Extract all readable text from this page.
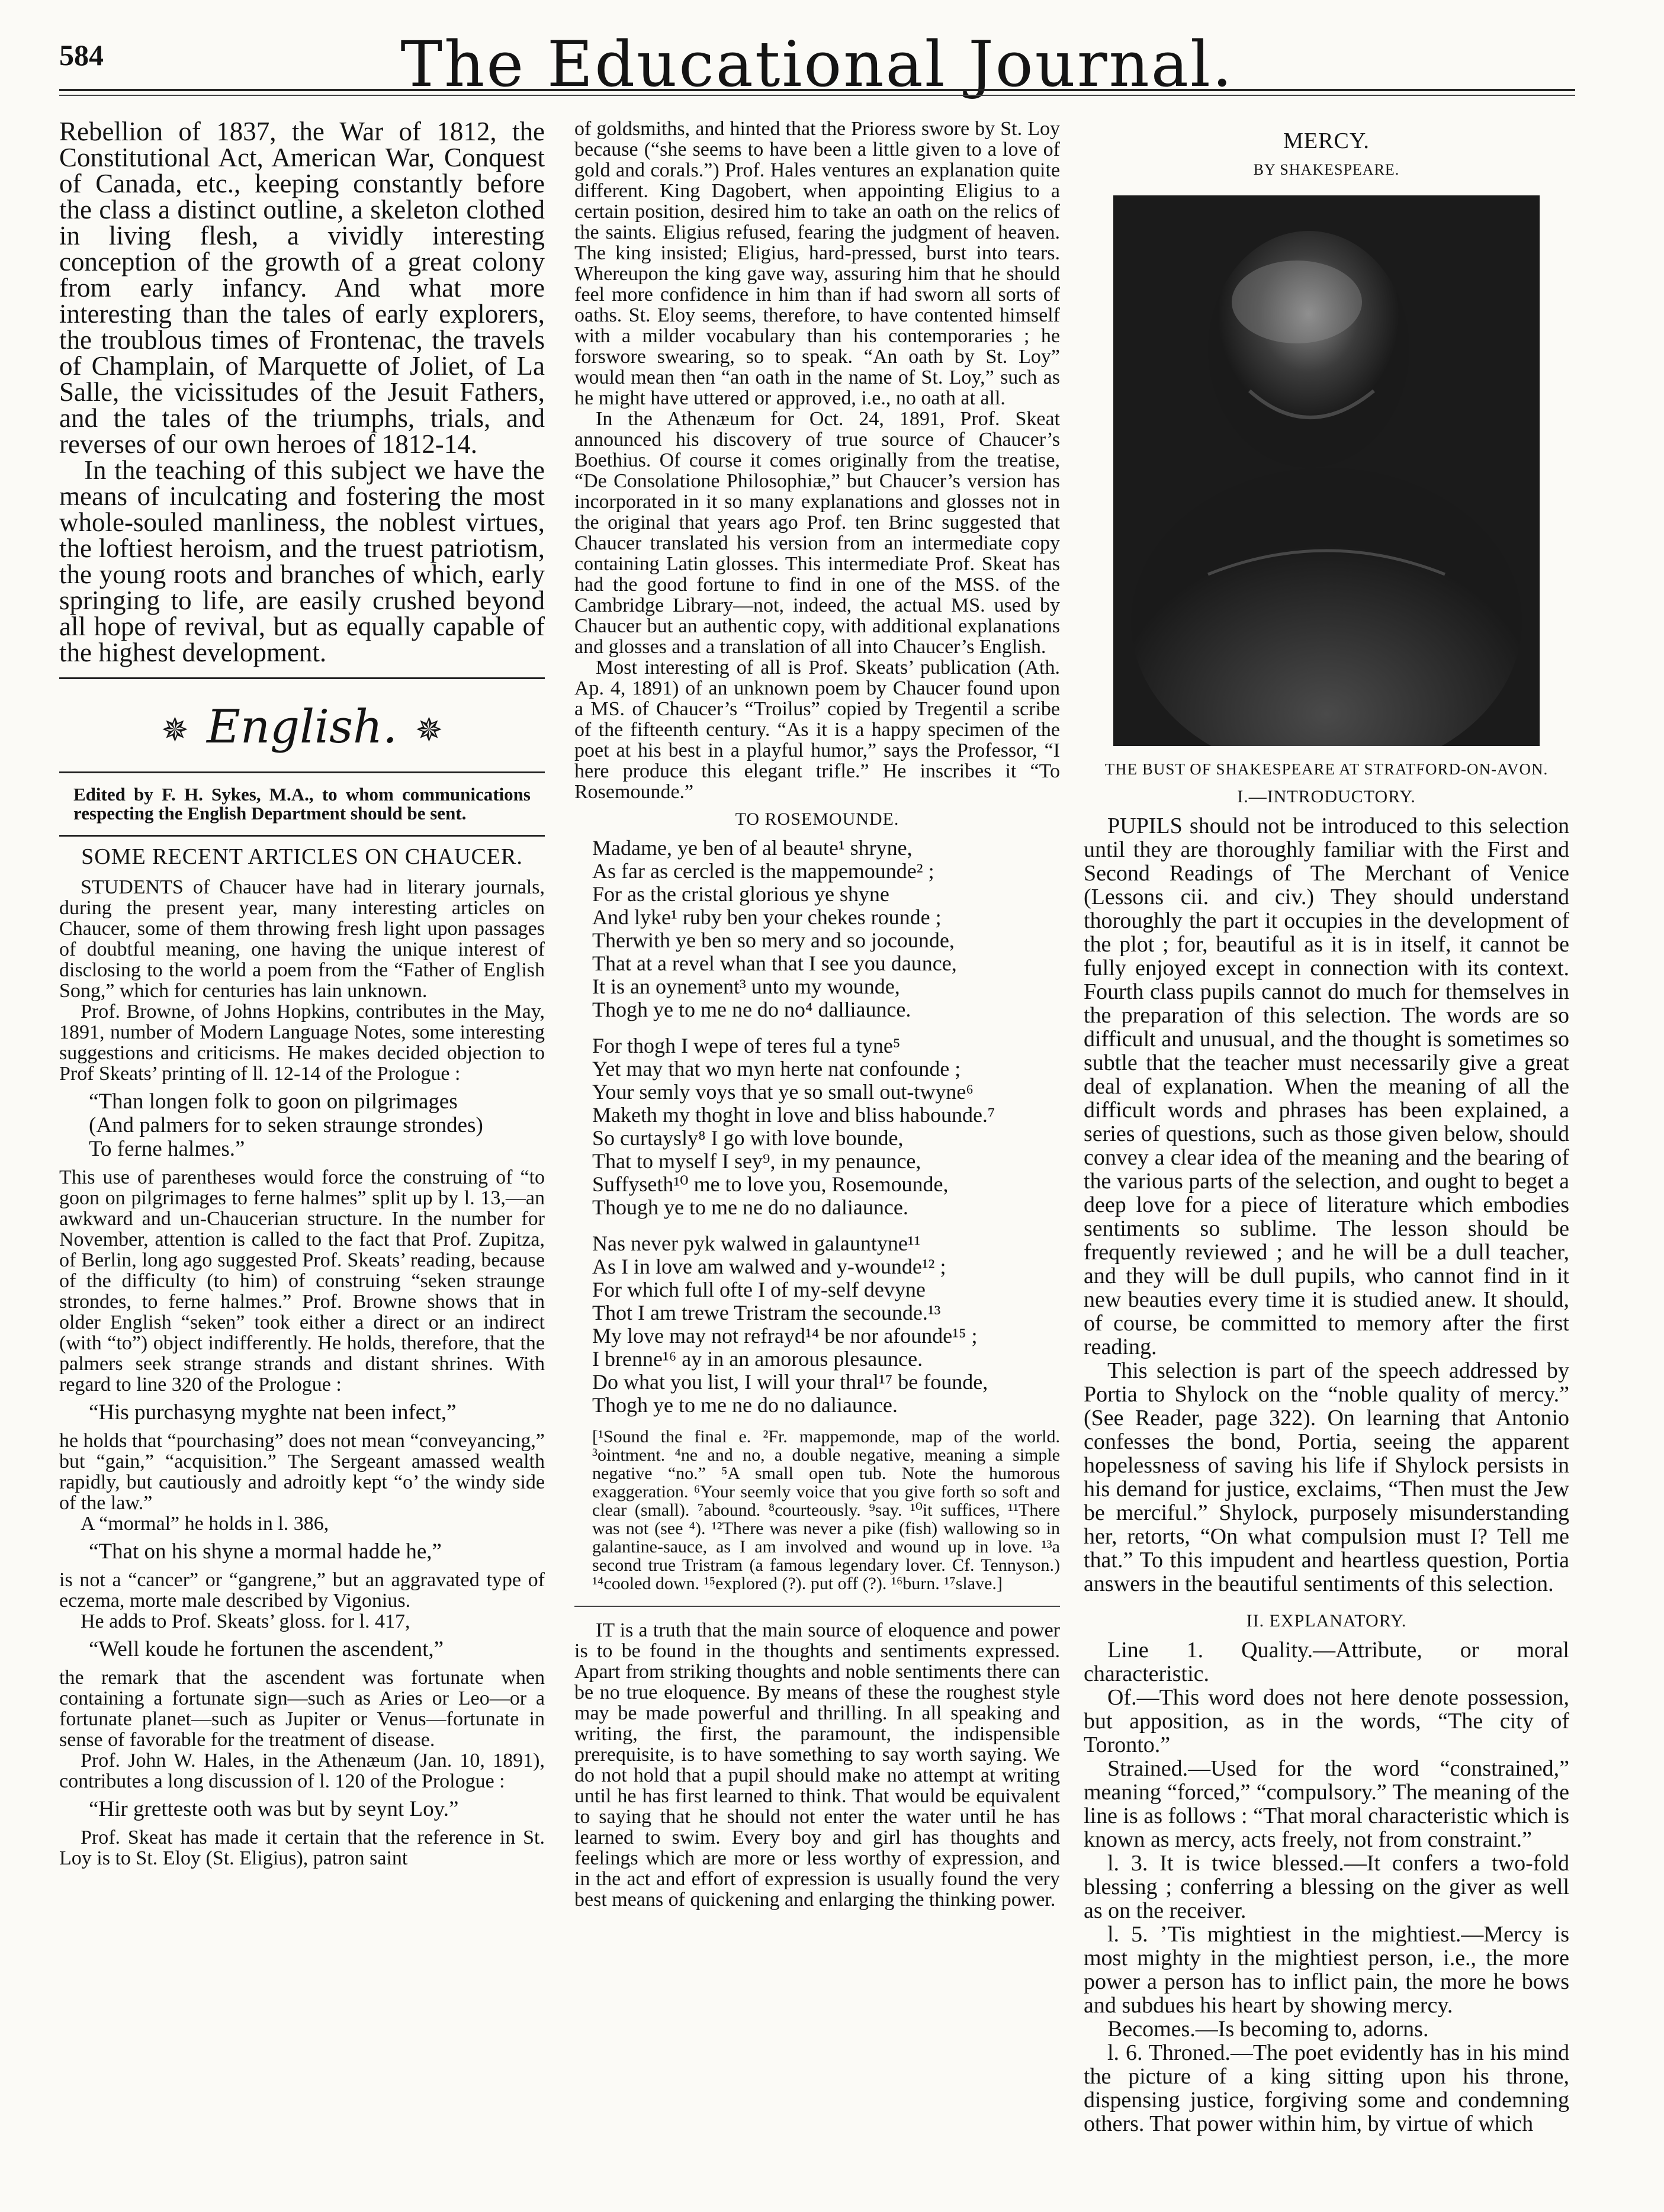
584	The Educational Journal.

Rebellion of 1837, the War of 1812, the Constitutional Act, American War, Conquest of Canada, etc., keeping constantly before the class a distinct outline, a skeleton clothed in living flesh, a vividly interesting conception of the growth of a great colony from early infancy. And what more interesting than the tales of early explorers, the troublous times of Frontenac, the travels of Champlain, of Marquette of Joliet, of La Salle, the vicissitudes of the Jesuit Fathers, and the tales of the triumphs, trials, and reverses of our own heroes of 1812-14.

In the teaching of this subject we have the means of inculcating and fostering the most whole-souled manliness, the noblest virtues, the loftiest heroism, and the truest patriotism, the young roots and branches of which, early springing to life, are easily crushed beyond all hope of revival, but as equally capable of the highest development.

✵ English. ✵

Edited by F. H. Sykes, M.A., to whom communications respecting the English Department should be sent.

SOME RECENT ARTICLES ON CHAUCER.

STUDENTS of Chaucer have had in literary journals, during the present year, many interesting articles on Chaucer, some of them throwing fresh light upon passages of doubtful meaning, one having the unique interest of disclosing to the world a poem from the “Father of English Song,” which for centuries has lain unknown.

Prof. Browne, of Johns Hopkins, contributes in the May, 1891, number of Modern Language Notes, some interesting suggestions and criticisms. He makes decided objection to Prof Skeats’ printing of ll. 12-14 of the Prologue :

“Than longen folk to goon on pilgrimages
(And palmers for to seken straunge strondes)
To ferne halmes.”

This use of parentheses would force the construing of “to goon on pilgrimages to ferne halmes” split up by l. 13,—an awkward and un-Chaucerian structure. In the number for November, attention is called to the fact that Prof. Zupitza, of Berlin, long ago suggested Prof. Skeats’ reading, because of the difficulty (to him) of construing “seken straunge strondes, to ferne halmes.” Prof. Browne shows that in older English “seken” took either a direct or an indirect (with “to”) object indifferently. He holds, therefore, that the palmers seek strange strands and distant shrines. With regard to line 320 of the Prologue :

“His purchasyng myghte nat been infect,”

he holds that “pourchasing” does not mean “conveyancing,” but “gain,” “acquisition.” The Sergeant amassed wealth rapidly, but cautiously and adroitly kept “o’ the windy side of the law.”

A “mormal” he holds in l. 386,

“That on his shyne a mormal hadde he,”

is not a “cancer” or “gangrene,” but an aggravated type of eczema, morte male described by Vigonius.

He adds to Prof. Skeats’ gloss. for l. 417,

“Well koude he fortunen the ascendent,”

the remark that the ascendent was fortunate when containing a fortunate sign—such as Aries or Leo—or a fortunate planet—such as Jupiter or Venus—fortunate in sense of favorable for the treatment of disease.

Prof. John W. Hales, in the Athenæum (Jan. 10, 1891), contributes a long discussion of l. 120 of the Prologue :

“Hir gretteste ooth was but by seynt Loy.”

Prof. Skeat has made it certain that the reference in St. Loy is to St. Eloy (St. Eligius), patron saint

of goldsmiths, and hinted that the Prioress swore by St. Loy because (“she seems to have been a little given to a love of gold and corals.”) Prof. Hales ventures an explanation quite different. King Dagobert, when appointing Eligius to a certain position, desired him to take an oath on the relics of the saints. Eligius refused, fearing the judgment of heaven. The king insisted; Eligius, hard-pressed, burst into tears. Whereupon the king gave way, assuring him that he should feel more confidence in him than if had sworn all sorts of oaths. St. Eloy seems, therefore, to have contented himself with a milder vocabulary than his contemporaries ; he forswore swearing, so to speak. “An oath by St. Loy” would mean then “an oath in the name of St. Loy,” such as he might have uttered or approved, i.e., no oath at all.

In the Athenæum for Oct. 24, 1891, Prof. Skeat announced his discovery of true source of Chaucer’s Boethius. Of course it comes originally from the treatise, “De Consolatione Philosophiæ,” but Chaucer’s version has incorporated in it so many explanations and glosses not in the original that years ago Prof. ten Brinc suggested that Chaucer translated his version from an intermediate copy containing Latin glosses. This intermediate Prof. Skeat has had the good fortune to find in one of the MSS. of the Cambridge Library—not, indeed, the actual MS. used by Chaucer but an authentic copy, with additional explanations and glosses and a translation of all into Chaucer’s English.

Most interesting of all is Prof. Skeats’ publication (Ath. Ap. 4, 1891) of an unknown poem by Chaucer found upon a MS. of Chaucer’s “Troilus” copied by Tregentil a scribe of the fifteenth century. “As it is a happy specimen of the poet at his best in a playful humor,” says the Professor, “I here produce this elegant trifle.” He inscribes it “To Rosemounde.”

TO ROSEMOUNDE.
Madame, ye ben of al beaute¹ shryne,
As far as cercled is the mappemounde² ;
For as the cristal glorious ye shyne
And lyke¹ ruby ben your chekes rounde ;
Therwith ye ben so mery and so jocounde,
That at a revel whan that I see you daunce,
It is an oynement³ unto my wounde,
Thogh ye to me ne do no⁴ dalliaunce.
For thogh I wepe of teres ful a tyne⁵
Yet may that wo myn herte nat confounde ;
Your semly voys that ye so small out-twyne⁶
Maketh my thoght in love and bliss habounde.⁷
So curtaysly⁸ I go with love bounde,
That to myself I sey⁹, in my penaunce,
Suffyseth¹⁰ me to love you, Rosemounde,
Though ye to me ne do no daliaunce.
Nas never pyk walwed in galauntyne¹¹
As I in love am walwed and y-wounde¹² ;
For which full ofte I of my-self devyne
Thot I am trewe Tristram the secounde.¹³
My love may not refrayd¹⁴ be nor afounde¹⁵ ;
I brenne¹⁶ ay in an amorous plesaunce.
Do what you list, I will your thral¹⁷ be founde,
Thogh ye to me ne do no daliaunce.

[¹Sound the final e. ²Fr. mappemonde, map of the world. ³ointment. ⁴ne and no, a double negative, meaning a simple negative “no.” ⁵A small open tub. Note the humorous exaggeration. ⁶Your seemly voice that you give forth so soft and clear (small). ⁷abound. ⁸courteously. ⁹say. ¹⁰it suffices, ¹¹There was not (see ⁴). ¹²There was never a pike (fish) wallowing so in galantine-sauce, as I am involved and wound up in love. ¹³a second true Tristram (a famous legendary lover. Cf. Tennyson.) ¹⁴cooled down. ¹⁵explored (?). put off (?). ¹⁶burn. ¹⁷slave.]

IT is a truth that the main source of eloquence and power is to be found in the thoughts and sentiments expressed. Apart from striking thoughts and noble sentiments there can be no true eloquence. By means of these the roughest style may be made powerful and thrilling. In all speaking and writing, the first, the paramount, the indispensible prerequisite, is to have something to say worth saying. We do not hold that a pupil should make no attempt at writing until he has first learned to think. That would be equivalent to saying that he should not enter the water until he has learned to swim. Every boy and girl has thoughts and feelings which are more or less worthy of expression, and in the act and effort of expression is usually found the very best means of quickening and enlarging the thinking power.

MERCY.
BY SHAKESPEARE.
THE BUST OF SHAKESPEARE AT STRATFORD-ON-AVON.
I.—INTRODUCTORY.

PUPILS should not be introduced to this selection until they are thoroughly familiar with the First and Second Readings of The Merchant of Venice (Lessons cii. and civ.) They should understand thoroughly the part it occupies in the development of the plot ; for, beautiful as it is in itself, it cannot be fully enjoyed except in connection with its context. Fourth class pupils cannot do much for themselves in the preparation of this selection. The words are so difficult and unusual, and the thought is sometimes so subtle that the teacher must necessarily give a great deal of explanation. When the meaning of all the difficult words and phrases has been explained, a series of questions, such as those given below, should convey a clear idea of the meaning and the bearing of the various parts of the selection, and ought to beget a deep love for a piece of literature which embodies sentiments so sublime. The lesson should be frequently reviewed ; and he will be a dull teacher, and they will be dull pupils, who cannot find in it new beauties every time it is studied anew. It should, of course, be committed to memory after the first reading.

This selection is part of the speech addressed by Portia to Shylock on the “noble quality of mercy.” (See Reader, page 322). On learning that Antonio confesses the bond, Portia, seeing the apparent hopelessness of saving his life if Shylock persists in his demand for justice, exclaims, “Then must the Jew be merciful.” Shylock, purposely misunderstanding her, retorts, “On what compulsion must I? Tell me that.” To this impudent and heartless question, Portia answers in the beautiful sentiments of this selection.

II. EXPLANATORY.

Line 1. Quality.—Attribute, or moral characteristic.

Of.—This word does not here denote possession, but apposition, as in the words, “The city of Toronto.”

Strained.—Used for the word “constrained,” meaning “forced,” “compulsory.” The meaning of the line is as follows : “That moral characteristic which is known as mercy, acts freely, not from constraint.”

l. 3. It is twice blessed.—It confers a two-fold blessing ; conferring a blessing on the giver as well as on the receiver.

l. 5. ’Tis mightiest in the mightiest.—Mercy is most mighty in the mightiest person, i.e., the more power a person has to inflict pain, the more he bows and subdues his heart by showing mercy.

Becomes.—Is becoming to, adorns.

l. 6. Throned.—The poet evidently has in his mind the picture of a king sitting upon his throne, dispensing justice, forgiving some and condemning others. That power within him, by virtue of which
